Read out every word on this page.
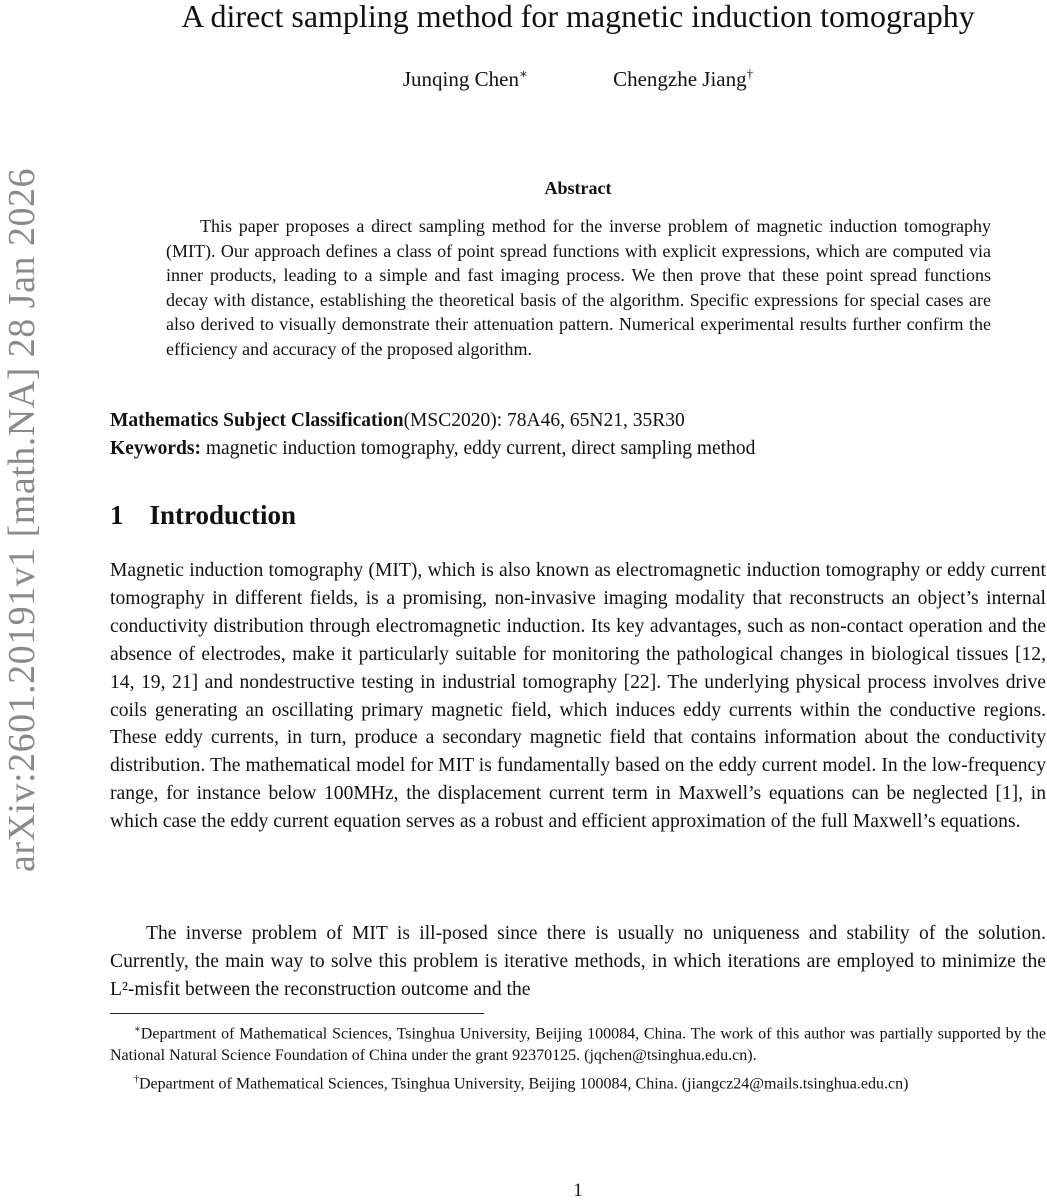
arXiv:2601.20191v1 [math.NA] 28 Jan 2026
A direct sampling method for magnetic induction tomography
Junqing Chen∗	Chengzhe Jiang†
Abstract

This paper proposes a direct sampling method for the inverse problem of magnetic induction tomography (MIT). Our approach defines a class of point spread functions with explicit expressions, which are computed via inner products, leading to a simple and fast imaging process. We then prove that these point spread functions decay with distance, establishing the theoretical basis of the algorithm. Specific expressions for special cases are also derived to visually demonstrate their attenuation pattern. Numerical experimental results further confirm the efficiency and accuracy of the proposed algorithm.

Mathematics Subject Classification(MSC2020): 78A46, 65N21, 35R30
Keywords: magnetic induction tomography, eddy current, direct sampling method
1 Introduction

Magnetic induction tomography (MIT), which is also known as electromagnetic induction tomography or eddy current tomography in different fields, is a promising, non-invasive imaging modality that reconstructs an object’s internal conductivity distribution through electromagnetic induction. Its key advantages, such as non-contact operation and the absence of electrodes, make it particularly suitable for monitoring the pathological changes in biological tissues [12, 14, 19, 21] and nondestructive testing in industrial tomography [22]. The underlying physical process involves drive coils generating an oscillating primary magnetic field, which induces eddy currents within the conductive regions. These eddy currents, in turn, produce a secondary magnetic field that contains information about the conductivity distribution. The mathematical model for MIT is fundamentally based on the eddy current model. In the low-frequency range, for instance below 100MHz, the displacement current term in Maxwell’s equations can be neglected [1], in which case the eddy current equation serves as a robust and efficient approximation of the full Maxwell’s equations.

The inverse problem of MIT is ill-posed since there is usually no uniqueness and stability of the solution. Currently, the main way to solve this problem is iterative methods, in which iterations are employed to minimize the L²-misfit between the reconstruction outcome and the

∗Department of Mathematical Sciences, Tsinghua University, Beijing 100084, China. The work of this author was partially supported by the National Natural Science Foundation of China under the grant 92370125. (jqchen@tsinghua.edu.cn).

†Department of Mathematical Sciences, Tsinghua University, Beijing 100084, China. (jiangcz24@mails.tsinghua.edu.cn)

1
